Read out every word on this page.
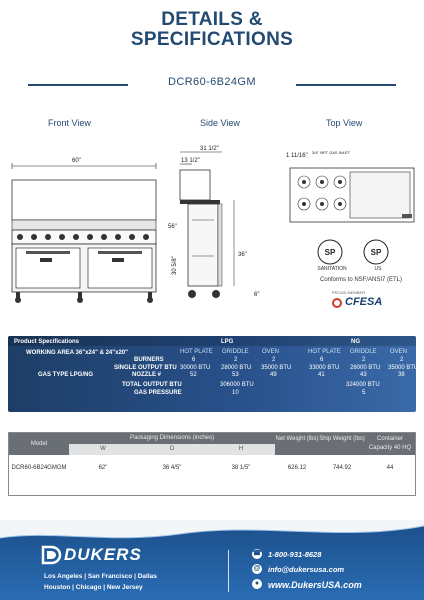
DETAILS &
SPECIFICATIONS
DCR60-6B24GM
Front View	Side View	Top View
60"
31 1/2"
13 1/2"
56"
30 5/8"
36"
6"
1 11/16"
3/4" NPT GAS INLET
SP	SP
SANITATION	US
Conforms to NSF/ANSI7 (ETL)
PROUD MEMBER
CFESA
Product Specifications	LPG	NG
WORKING AREA 36"x24" & 24"x20"
GAS TYPE LPG/NG
HOT PLATE GRIDDLE OVEN	HOT PLATE GRIDDLE OVEN
BURNERS	6	2	2	6	2	2
SINGLE OUTPUT BTU 30000 BTU 28000 BTU 35000 BTU	33000 BTU 28000 BTU 35000 BTU
NOZZLE #	52	53	49	41	43	38
TOTAL OUTPUT BTU	306000 BTU	324000 BTU
GAS PRESSURE	10	5
Model
Packaging Dimensions (inches)
W	D	H
Net Weight (lbs) Ship Weight (lbs)	Container Capacity 40 HQ
DCR60-6B24GMGM	62"	36 4/5"	38 1/5"	626.12	744.92	44
DUKERS
Los Angeles | San Francisco | Dallas
Houston | Chicago | New Jersey
☎ 1-800-931-8628
@ info@dukersusa.com
● www.DukersUSA.com
